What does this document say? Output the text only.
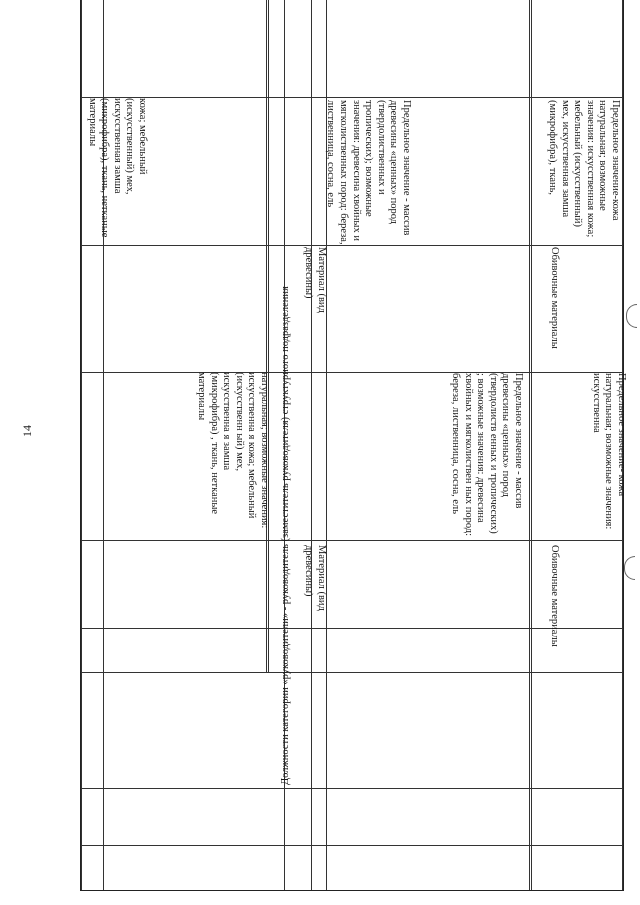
14	Должности категории «руководители» - руководитель (заместитель руководителя) структурного подразделения

натуральная; возможные значения: искусственна я кожа; мебельный (искусственн ый) мех, искусственна я замша (микрофибра) , ткань, нетканые материалы

кожа; мебельный (искусственный) мех, искусственная замша (микрофибра), ткань, нетканые материалы

Материал (вид древесины)

Предельное значение - массив древесины «ценных» пород (твердолиств енных и тропических) ; возможные значения: древесина хвойных и мягколиствен ных пород: береза, лиственница, сосна, ель

Материал (вид древесины)

Предельное значение - массив древесины «ценных» пород (твердолиственных и тропических); возможные значения: древесина хвойных и мягколиственных пород: береза, лиственница, сосна, ель

Обивочные материалы

Предельное значение- кожа натуральная; возможные значения: искусственна

Обивочные материалы

Предельное значение-кожа натуральная; возможные значения: искусственная кожа; мебельный (искусственный) мех, искусственная замша (микрофибра), ткань,
